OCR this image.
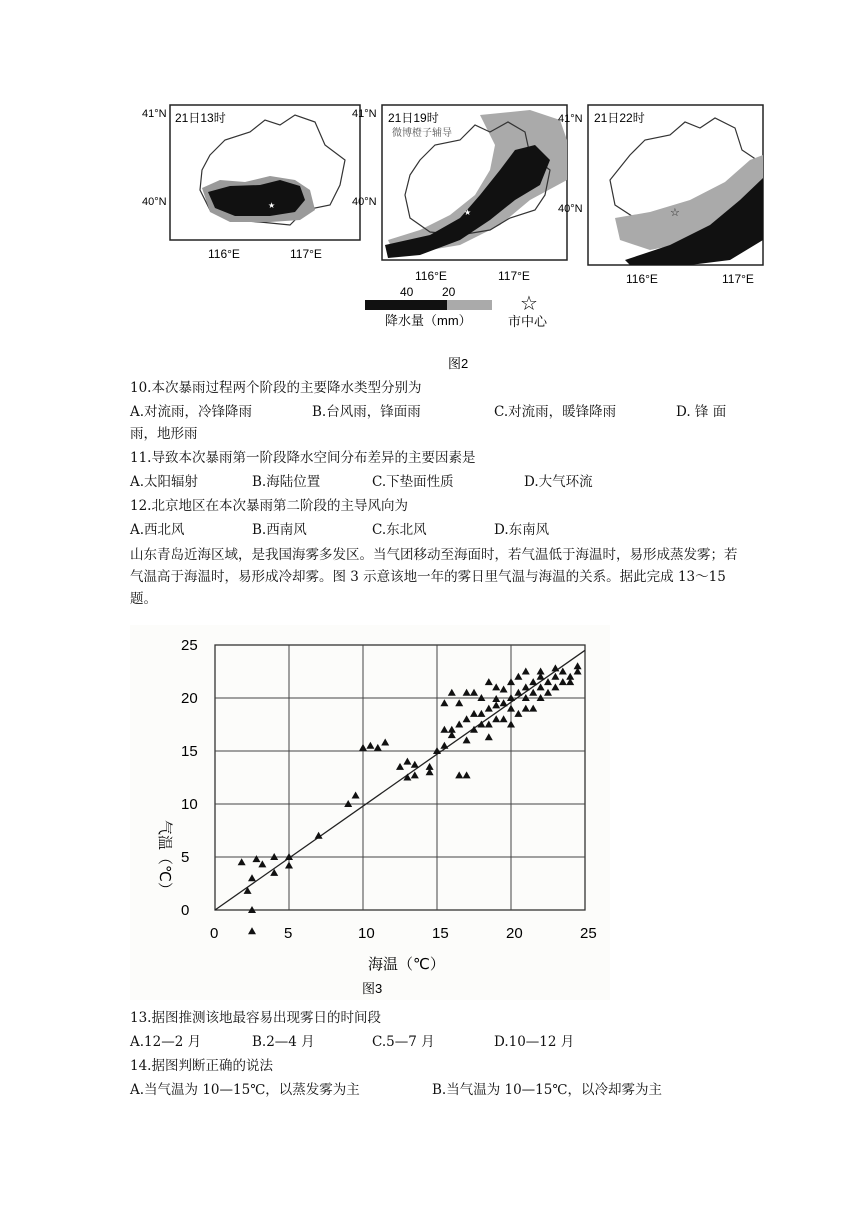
★
21日13时
41°N
40°N
116°E	117°E
★
21日19时
微博橙子辅导
41°N
40°N
116°E	117°E
☆
21日22时
41°N
40°N
116°E	117°E
40 20
降水量（mm）
☆
市中心
图2
10.本次暴雨过程两个阶段的主要降水类型分别为
A.对流雨，冷锋降雨	B.台风雨，锋面雨	C.对流雨，暖锋降雨	D. 锋 面
雨，地形雨
11.导致本次暴雨第一阶段降水空间分布差异的主要因素是
A.太阳辐射	B.海陆位置	C.下垫面性质	D.大气环流
12.北京地区在本次暴雨第二阶段的主导风向为
A.西北风	B.西南风	C.东北风	D.东南风
山东青岛近海区域，是我国海雾多发区。当气团移动至海面时，若气温低于海温时，易形成蒸发雾；若气温高于海温时，易形成冷却雾。图 3 示意该地一年的雾日里气温与海温的关系。据此完成 13～15 题。
0	5	10	15	20	25
0
5
10
15
20
25
气温（℃）
海温（℃）
图3
13.据图推测该地最容易出现雾日的时间段
A.12—2 月	B.2—4 月	C.5—7 月	D.10—12 月
14.据图判断正确的说法
A.当气温为 10—15℃，以蒸发雾为主	B.当气温为 10—15℃，以冷却雾为主
